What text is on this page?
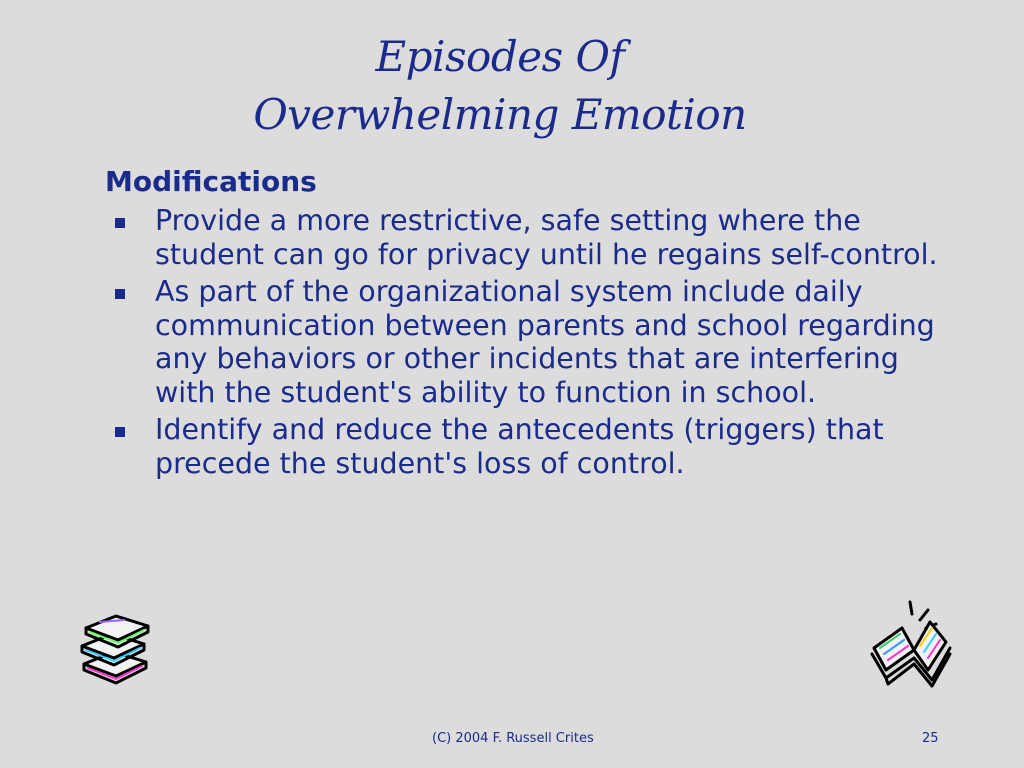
Episodes Of
Overwhelming Emotion
Modifications
Provide a more restrictive, safe setting where the student can go for privacy until he regains self-control.
As part of the organizational system include daily communication between parents and school regarding any behaviors or other incidents that are interfering with the student's ability to function in school.
Identify and reduce the antecedents (triggers) that precede the student's loss of control.
(C) 2004 F. Russell Crites	25
